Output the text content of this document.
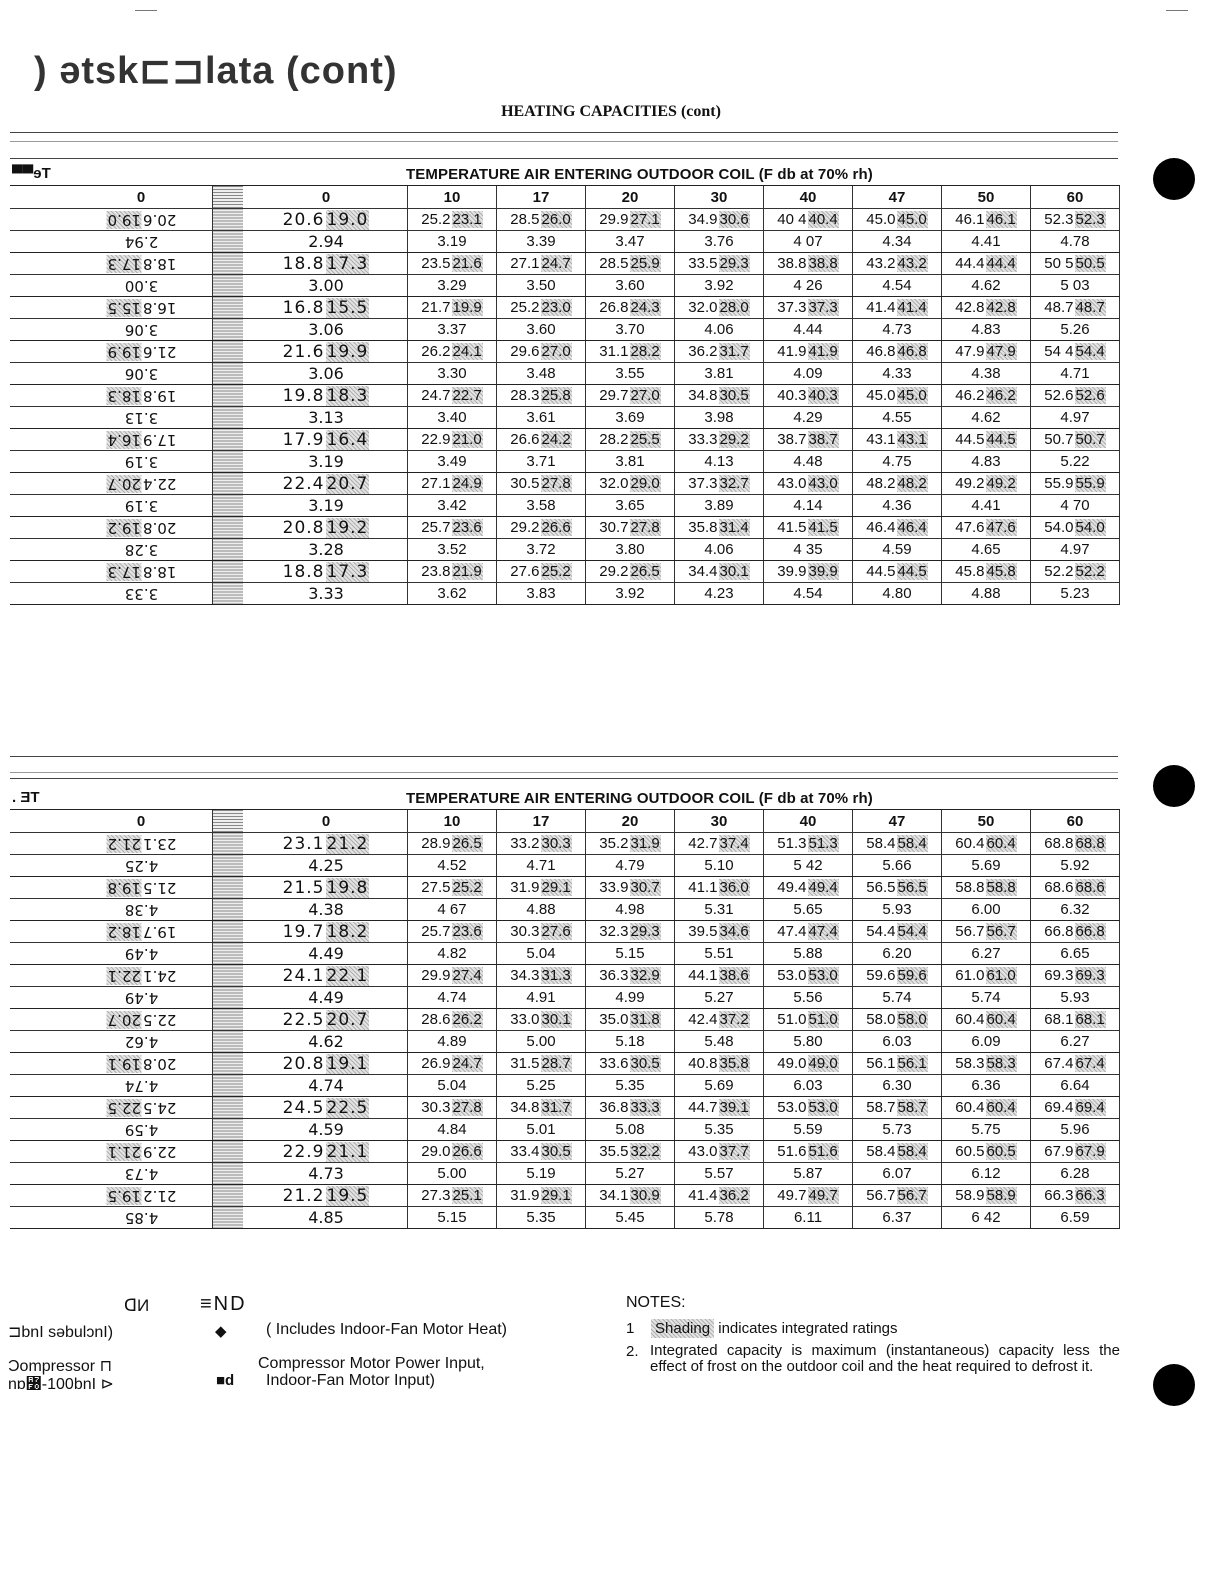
) ətsk⊏⊐lata (cont)
HEATING CAPACITIES (cont)
▀▀ɘT	TEMPERATURE AIR ENTERING OUTDOOR COIL (F db at 70% rh)
	0			0	10	17	20	30	40	47	50	60
	20.619.0			20.6 19.0	25.2 23.1	28.5 26.0	29.9 27.1	34.9 30.6	40 4 40.4	45.0 45.0	46.1 46.1	52.3 52.3
	2.94			2.94	3.19	3.39	3.47	3.76	4 07	4.34	4.41	4.78
	18.817.3			18.8 17.3	23.5 21.6	27.1 24.7	28.5 25.9	33.5 29.3	38.8 38.8	43.2 43.2	44.4 44.4	50 5 50.5
	3.00			3.00	3.29	3.50	3.60	3.92	4 26	4.54	4.62	5 03
	16.815.5			16.8 15.5	21.7 19.9	25.2 23.0	26.8 24.3	32.0 28.0	37.3 37.3	41.4 41.4	42.8 42.8	48.7 48.7
	3.06			3.06	3.37	3.60	3.70	4.06	4.44	4.73	4.83	5.26
	21.619.9			21.6 19.9	26.2 24.1	29.6 27.0	31.1 28.2	36.2 31.7	41.9 41.9	46.8 46.8	47.9 47.9	54 4 54.4
	3.06			3.06	3.30	3.48	3.55	3.81	4.09	4.33	4.38	4.71
	19.818.3			19.8 18.3	24.7 22.7	28.3 25.8	29.7 27.0	34.8 30.5	40.3 40.3	45.0 45.0	46.2 46.2	52.6 52.6
	3.13			3.13	3.40	3.61	3.69	3.98	4.29	4.55	4.62	4.97
	17.916.4			17.9 16.4	22.9 21.0	26.6 24.2	28.2 25.5	33.3 29.2	38.7 38.7	43.1 43.1	44.5 44.5	50.7 50.7
	3.19			3.19	3.49	3.71	3.81	4.13	4.48	4.75	4.83	5.22
	22.420.7			22.4 20.7	27.1 24.9	30.5 27.8	32.0 29.0	37.3 32.7	43.0 43.0	48.2 48.2	49.2 49.2	55.9 55.9
	3.19			3.19	3.42	3.58	3.65	3.89	4.14	4.36	4.41	4 70
	20.819.2			20.8 19.2	25.7 23.6	29.2 26.6	30.7 27.8	35.8 31.4	41.5 41.5	46.4 46.4	47.6 47.6	54.0 54.0
	3.28			3.28	3.52	3.72	3.80	4.06	4 35	4.59	4.65	4.97
	18.817.3			18.8 17.3	23.8 21.9	27.6 25.2	29.2 26.5	34.4 30.1	39.9 39.9	44.5 44.5	45.8 45.8	52.2 52.2
	3.33			3.33	3.62	3.83	3.92	4.23	4.54	4.80	4.88	5.23
. ƎT	TEMPERATURE AIR ENTERING OUTDOOR COIL (F db at 70% rh)
	0			0	10	17	20	30	40	47	50	60
	23.121.2			23.1 21.2	28.9 26.5	33.2 30.3	35.2 31.9	42.7 37.4	51.3 51.3	58.4 58.4	60.4 60.4	68.8 68.8
	4.25			4.25	4.52	4.71	4.79	5.10	5 42	5.66	5.69	5.92
	21.519.8			21.5 19.8	27.5 25.2	31.9 29.1	33.9 30.7	41.1 36.0	49.4 49.4	56.5 56.5	58.8 58.8	68.6 68.6
	4.38			4.38	4 67	4.88	4.98	5.31	5.65	5.93	6.00	6.32
	19.718.2			19.7 18.2	25.7 23.6	30.3 27.6	32.3 29.3	39.5 34.6	47.4 47.4	54.4 54.4	56.7 56.7	66.8 66.8
	4.49			4.49	4.82	5.04	5.15	5.51	5.88	6.20	6.27	6.65
	24.122.1			24.1 22.1	29.9 27.4	34.3 31.3	36.3 32.9	44.1 38.6	53.0 53.0	59.6 59.6	61.0 61.0	69.3 69.3
	4.49			4.49	4.74	4.91	4.99	5.27	5.56	5.74	5.74	5.93
	22.520.7			22.5 20.7	28.6 26.2	33.0 30.1	35.0 31.8	42.4 37.2	51.0 51.0	58.0 58.0	60.4 60.4	68.1 68.1
	4.62			4.62	4.89	5.00	5.18	5.48	5.80	6.03	6.09	6.27
	20.819.1			20.8 19.1	26.9 24.7	31.5 28.7	33.6 30.5	40.8 35.8	49.0 49.0	56.1 56.1	58.3 58.3	67.4 67.4
	4.74			4.74	5.04	5.25	5.35	5.69	6.03	6.30	6.36	6.64
	24.522.5			24.5 22.5	30.3 27.8	34.8 31.7	36.8 33.3	44.7 39.1	53.0 53.0	58.7 58.7	60.4 60.4	69.4 69.4
	4.59			4.59	4.84	5.01	5.08	5.35	5.59	5.73	5.75	5.96
	22.921.1			22.9 21.1	29.0 26.6	33.4 30.5	35.5 32.2	43.0 37.7	51.6 51.6	58.4 58.4	60.5 60.5	67.9 67.9
	4.73			4.73	5.00	5.19	5.27	5.57	5.87	6.07	6.12	6.28
	21.219.5			21.2 19.5	27.3 25.1	31.9 29.1	34.1 30.9	41.4 36.2	49.7 49.7	56.7 56.7	58.9 58.9	66.3 66.3
	4.85			4.85	5.15	5.35	5.45	5.78	6.11	6.37	6 42	6.59
ᗡИ
⊐bnI səbulɔnI)
Ͻompressor ⊓
nɒ꟰-100bnI ⊳
≡ND
◆ ( Includes Indoor-Fan Motor Heat)
Compressor Motor Power Input,
■d Indoor-Fan Motor Input)

NOTES:

1 Shading indicates integrated ratings

2. Integrated capacity is maximum (instantaneous) capacity less the effect of frost on the outdoor coil and the heat required to defrost it.
